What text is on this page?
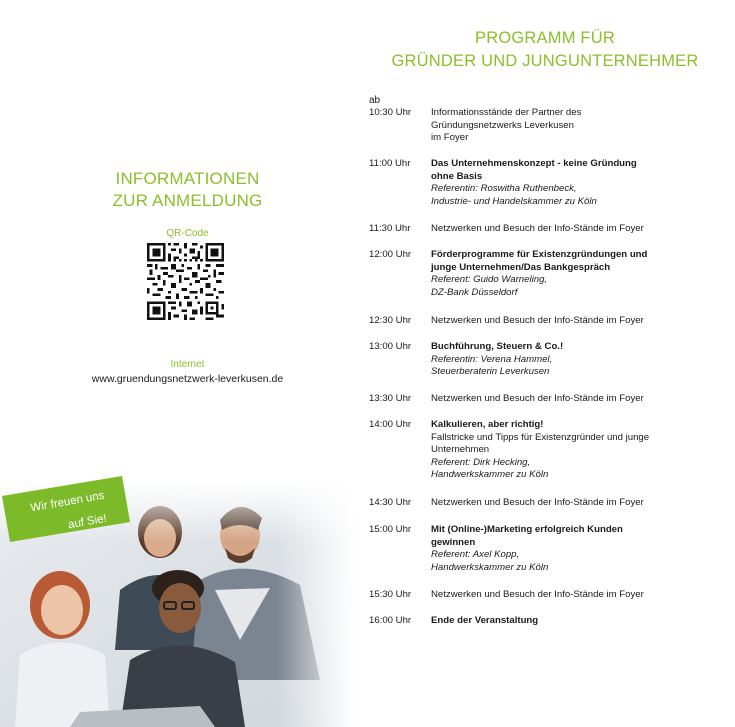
INFORMATIONEN
ZUR ANMELDUNG
QR-Code
Internet
www.gruendungsnetzwerk-leverkusen.de
Wir freuen uns
auf Sie!
PROGRAMM FÜR
GRÜNDER UND JUNGUNTERNEHMER
ab
10:30 Uhr	Informationsstände der Partner des
Gründungsnetzwerks Leverkusen
im Foyer
11:00 Uhr	Das Unternehmenskonzept - keine Gründung
ohne Basis
Referentin: Roswitha Ruthenbeck,
Industrie- und Handelskammer zu Köln
11:30 Uhr	Netzwerken und Besuch der Info-Stände im Foyer
12:00 Uhr	Förderprogramme für Existenzgründungen und
junge Unternehmen/Das Bankgespräch
Referent: Guido Warneling,
DZ-Bank Düsseldorf
12:30 Uhr	Netzwerken und Besuch der Info-Stände im Foyer
13:00 Uhr	Buchführung, Steuern & Co.!
Referentin: Verena Hammel,
Steuerberaterin Leverkusen
13:30 Uhr	Netzwerken und Besuch der Info-Stände im Foyer
14:00 Uhr	Kalkulieren, aber richtig!
Fallstricke und Tipps für Existenzgründer und junge
Unternehmen
Referent: Dirk Hecking,
Handwerkskammer zu Köln
14:30 Uhr	Netzwerken und Besuch der Info-Stände im Foyer
15:00 Uhr	Mit (Online-)Marketing erfolgreich Kunden
gewinnen
Referent: Axel Kopp,
Handwerkskammer zu Köln
15:30 Uhr	Netzwerken und Besuch der Info-Stände im Foyer
16:00 Uhr	Ende der Veranstaltung
